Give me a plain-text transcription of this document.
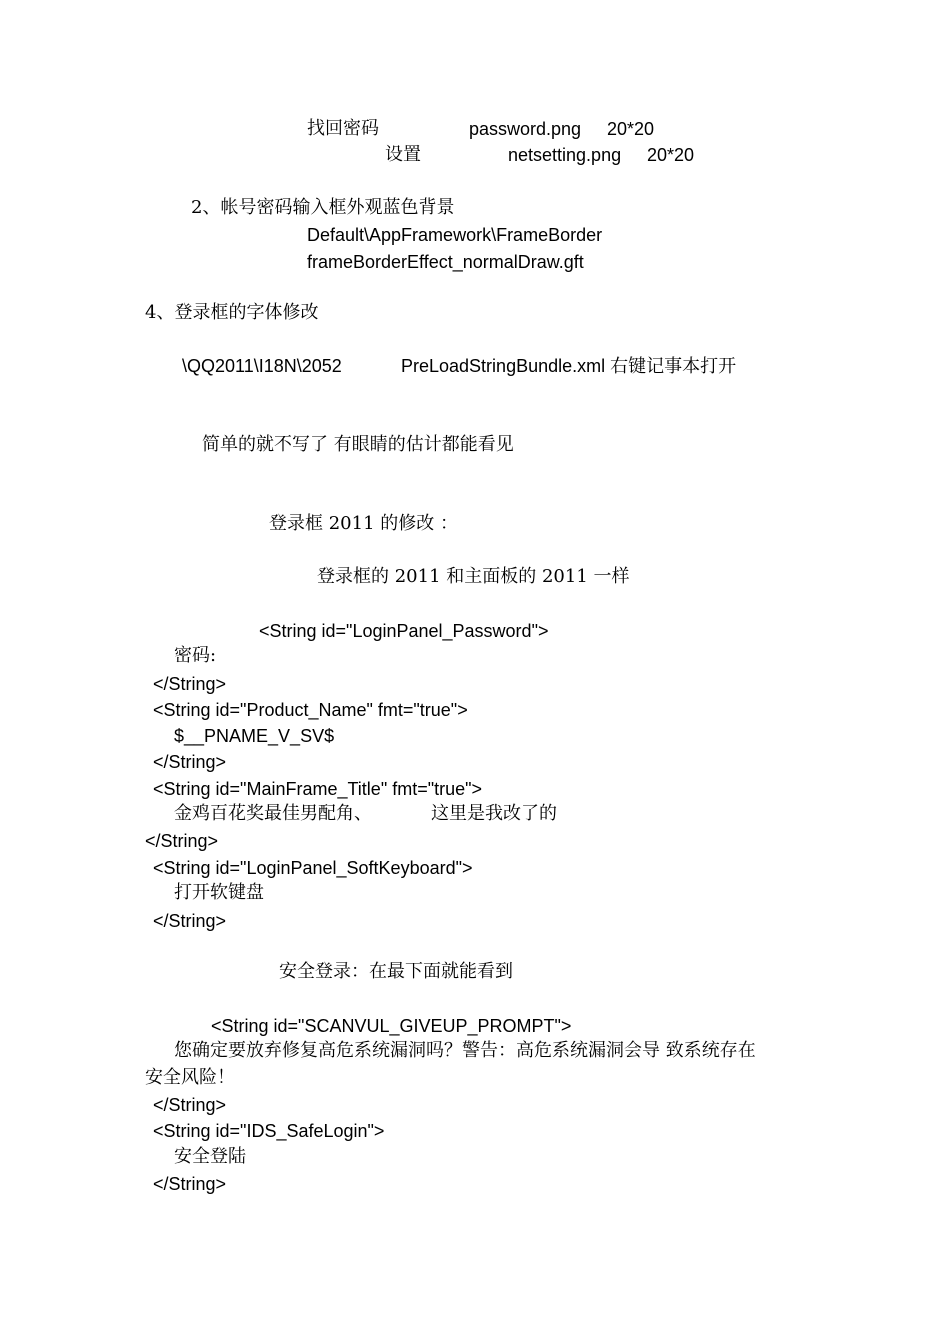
找回密码	password.png 20*20
设置	netsetting.png 20*20
2、帐号密码输入框外观蓝色背景
Default\AppFramework\FrameBorder
frameBorderEffect_normalDraw.gft
4、登录框的字体修改
\QQ2011\I18N\2052	PreLoadStringBundle.xml 右键记事本打开
简单的就不写了 有眼睛的估计都能看见
登录框 2011 的修改 ：
登录框的 2011 和主面板的 2011 一样
<String id="LoginPanel_Password">
密码:
</String>
<String id="Product_Name" fmt="true">
$__PNAME_V_SV$
</String>
<String id="MainFrame_Title" fmt="true">
金鸡百花奖最佳男配角、	这里是我改了的
</String>
<String id="LoginPanel_SoftKeyboard">
打开软键盘
</String>
安全登录：在最下面就能看到
<String id="SCANVUL_GIVEUP_PROMPT">
您确定要放弃修复高危系统漏洞吗？警告：高危系统漏洞会导 致系统存在
安全风险！
</String>
<String id="IDS_SafeLogin">
安全登陆
</String>
